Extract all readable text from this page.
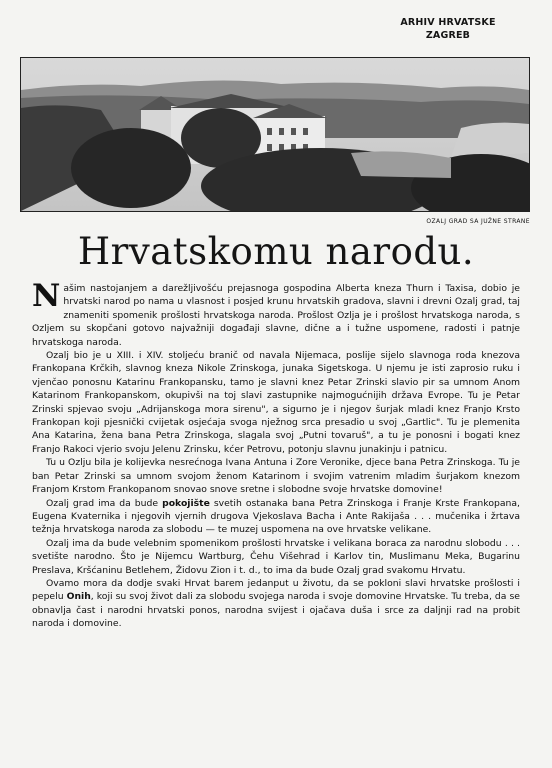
ARHIV HRVATSKE
ZAGREB
OZALJ GRAD SA JUŽNE STRANE
Hrvatskomu narodu.

Našim nastojanjem a darežljivošću prejasnoga gospodina Alberta kneza Thurn i Taxisa, dobio je hrvatski narod po nama u vlasnost i posjed krunu hrvatskih gradova, slavni i drevni Ozalj grad, taj znameniti spomenik prošlosti hrvatskoga naroda. Prošlost Ozlja je i prošlost hrvatskoga naroda, s Ozljem su skopčani gotovo najvažniji događaji slavne, dične a i tužne uspomene, radosti i patnje hrvatskoga naroda.

Ozalj bio je u XIII. i XIV. stoljeću branič od navala Nijemaca, poslije sijelo slavnoga roda knezova Frankopana Krčkih, slavnog kneza Nikole Zrinskoga, junaka Sigetskoga. U njemu je isti zaprosio ruku i vjenčao ponosnu Katarinu Frankopansku, tamo je slavni knez Petar Zrinski slavio pir sa umnom Anom Katarinom Frankopanskom, okupivši na toj slavi zastupnike najmogućnijih država Evrope. Tu je Petar Zrinski spjevao svoju „Adrijanskoga mora sirenu", a sigurno je i njegov šurjak mladi knez Franjo Krsto Frankopan koji pjesnički cvijetak osjećaja svoga nježnog srca presadio u svoj „Gartlic". Tu je plemenita Ana Katarina, žena bana Petra Zrinskoga, slagala svoj „Putni tovaruš", a tu je ponosni i bogati knez Franjo Rakoci vjerio svoju Jelenu Zrinsku, kćer Petrovu, potonju slavnu junakinju i patnicu.

Tu u Ozlju bila je kolijevka nesrećnoga Ivana Antuna i Zore Veronike, djece bana Petra Zrinskoga. Tu je ban Petar Zrinski sa umnom svojom ženom Katarinom i svojim vatrenim mladim šurjakom knezom Franjom Krstom Frankopanom snovao snove sretne i slobodne svoje hrvatske domovine!

Ozalj grad ima da bude pokojište svetih ostanaka bana Petra Zrinskoga i Franje Krste Frankopana, Eugena Kvaternika i njegovih vjernih drugova Vjekoslava Bacha i Ante Rakijaša . . . mučenika i žrtava težnja hrvatskoga naroda za slobodu — te muzej uspomena na ove hrvatske velikane.

Ozalj ima da bude velebnim spomenikom prošlosti hrvatske i velikana boraca za narodnu slobodu . . . svetište narodno. Što je Nijemcu Wartburg, Čehu Višehrad i Karlov tin, Muslimanu Meka, Bugarinu Preslava, Kršćaninu Betlehem, Židovu Zion i t. d., to ima da bude Ozalj grad svakomu Hrvatu.

Ovamo mora da dodje svaki Hrvat barem jedanput u životu, da se pokloni slavi hrvatske prošlosti i pepelu Onih, koji su svoj život dali za slobodu svojega naroda i svoje domovine Hrvatske. Tu treba, da se obnavlja čast i narodni hrvatski ponos, narodna svijest i ojačava duša i srce za daljnji rad na probit naroda i domovine.
